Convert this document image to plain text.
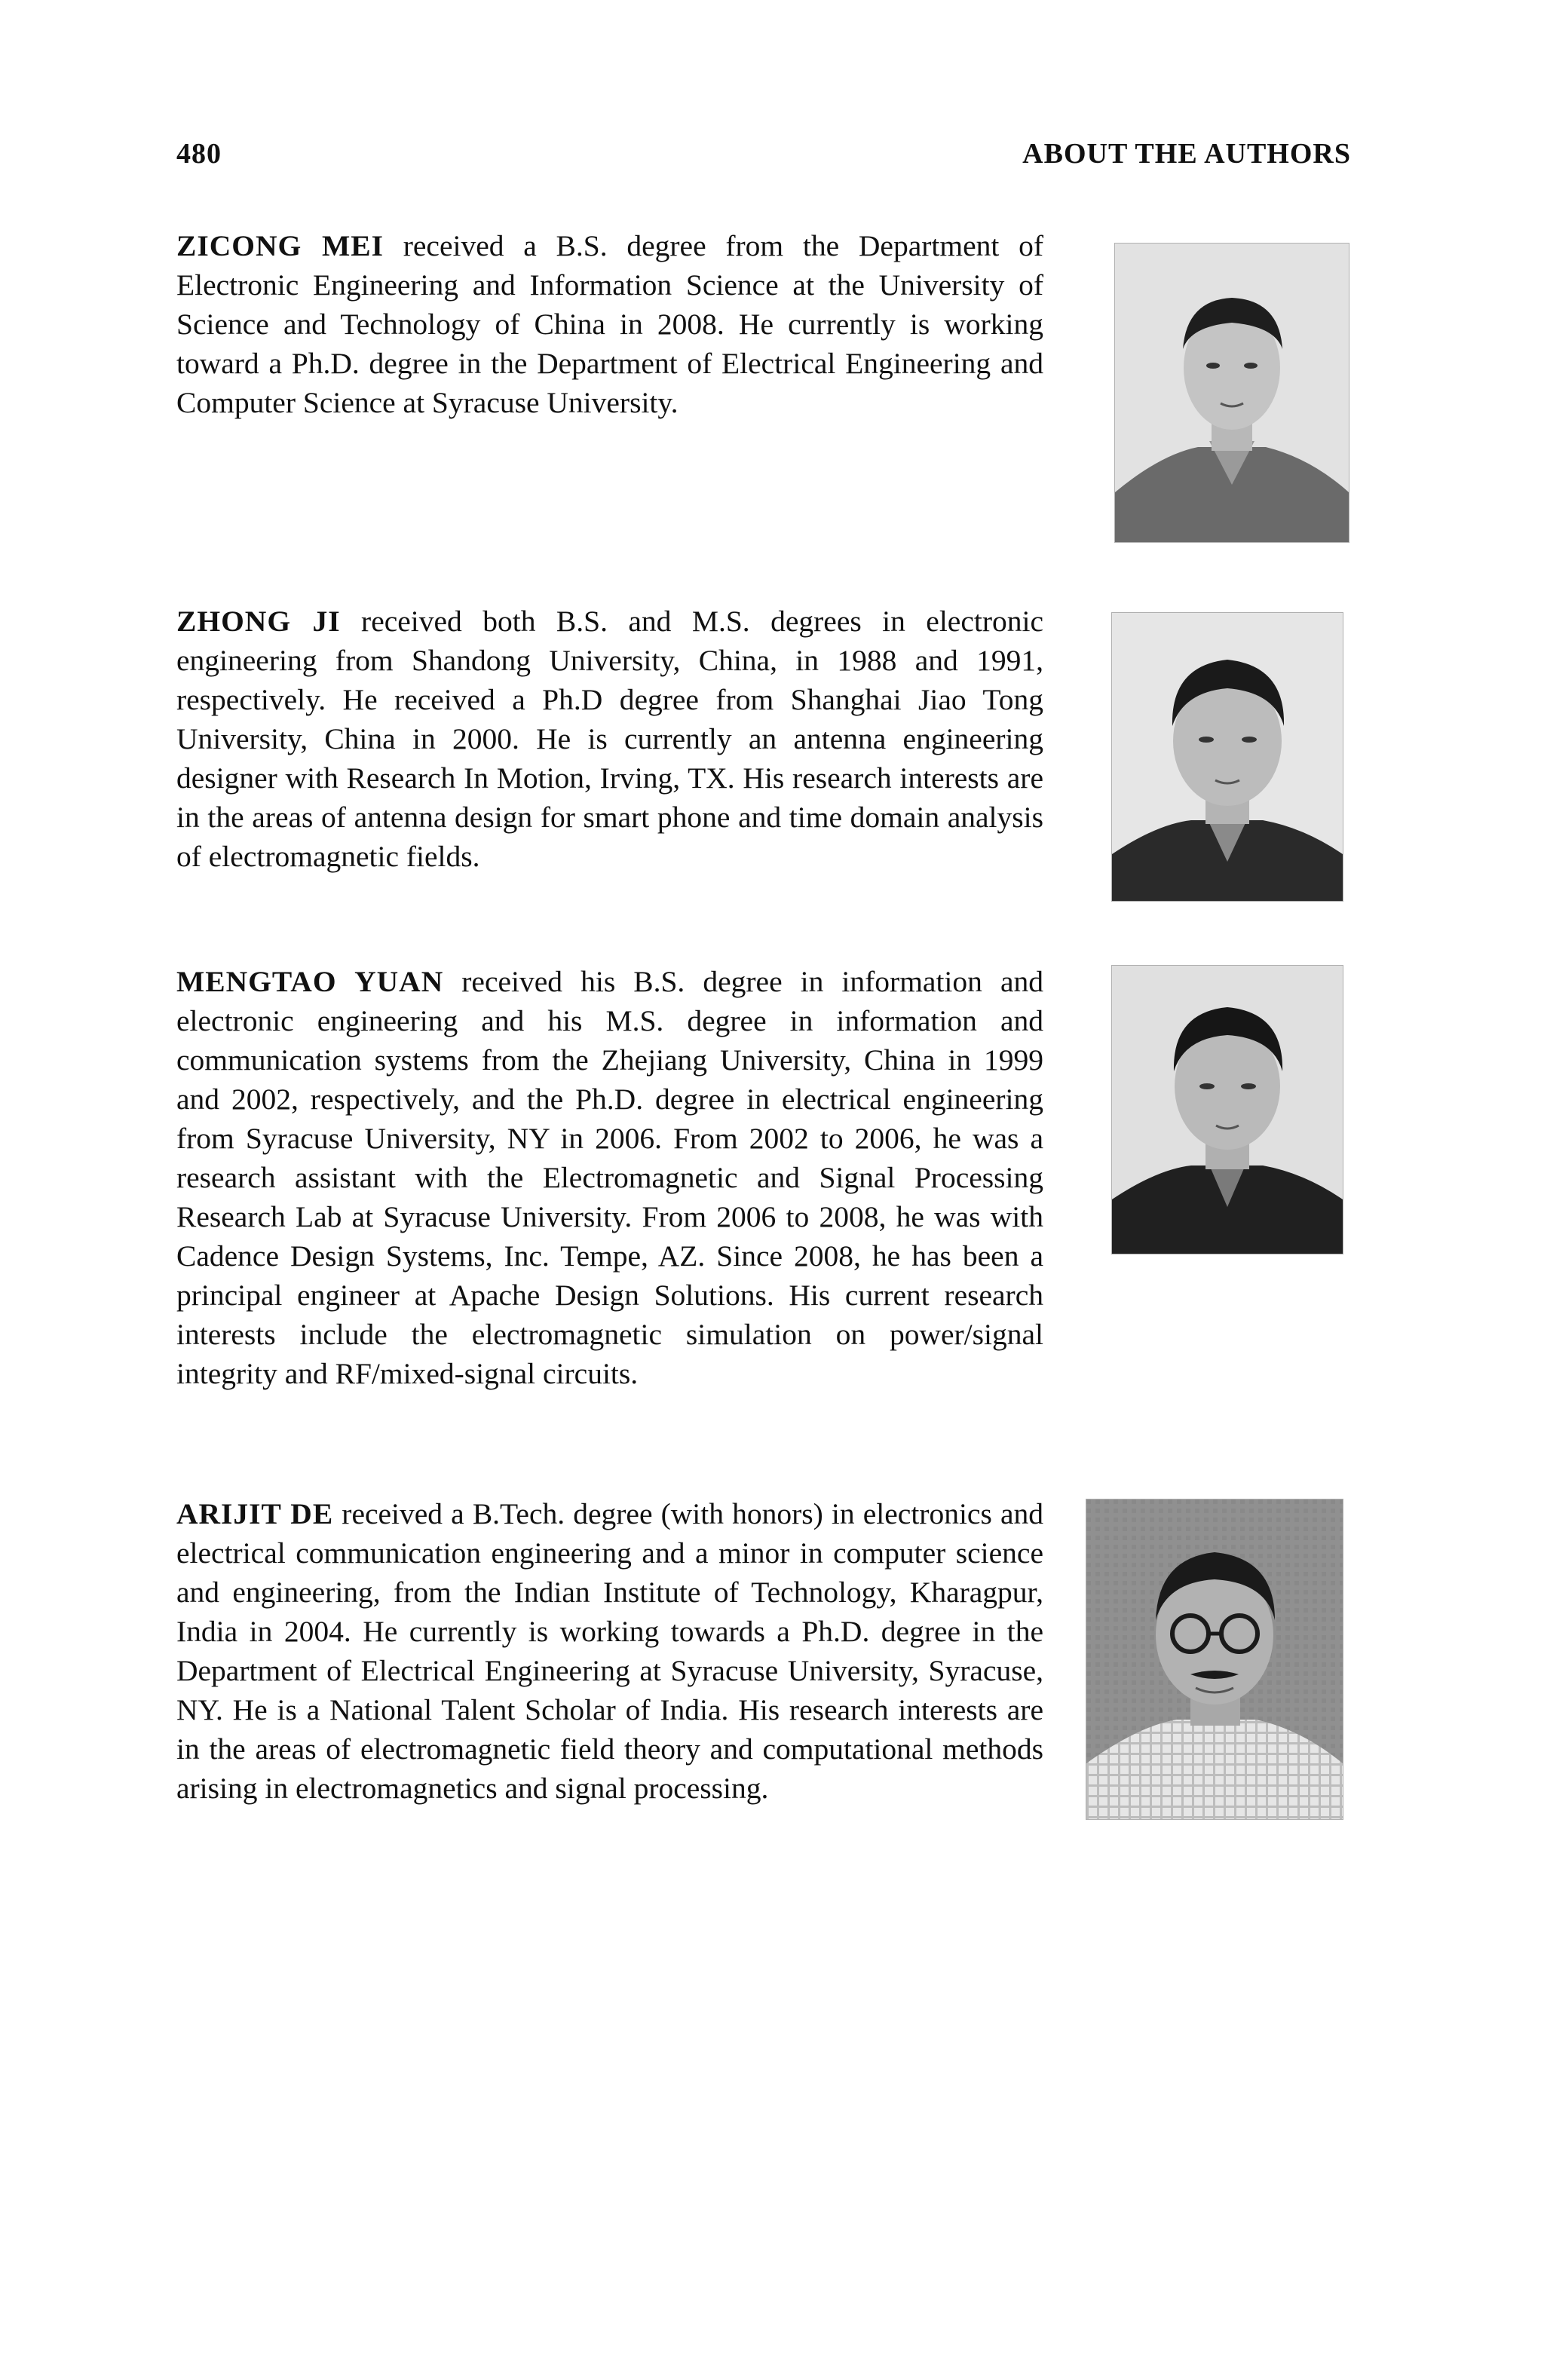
480	ABOUT THE AUTHORS

ZICONG MEI received a B.S. degree from the Department of Electronic Engineering and Information Science at the University of Science and Technology of China in 2008. He currently is working toward a Ph.D. degree in the Department of Electrical Engineering and Computer Science at Syracuse University.

ZHONG JI received both B.S. and M.S. degrees in electronic engineering from Shandong University, China, in 1988 and 1991, respectively. He received a Ph.D degree from Shanghai Jiao Tong University, China in 2000. He is currently an antenna engineering designer with Research In Motion, Irving, TX. His research interests are in the areas of antenna design for smart phone and time domain analysis of electromagnetic fields.

MENGTAO YUAN received his B.S. degree in information and electronic engineering and his M.S. degree in information and communication systems from the Zhejiang University, China in 1999 and 2002, respectively, and the Ph.D. degree in electrical engineering from Syracuse University, NY in 2006. From 2002 to 2006, he was a research assistant with the Electromagnetic and Signal Processing Research Lab at Syracuse University. From 2006 to 2008, he was with Cadence Design Systems, Inc. Tempe, AZ. Since 2008, he has been a principal engineer at Apache Design Solutions. His current research interests include the electromagnetic simulation on power/signal integrity and RF/mixed-signal circuits.

ARIJIT DE received a B.Tech. degree (with honors) in electronics and electrical communication engineering and a minor in computer science and engineering, from the Indian Institute of Technology, Kharagpur, India in 2004. He currently is working towards a Ph.D. degree in the Department of Electrical Engineering at Syracuse University, Syracuse, NY. He is a National Talent Scholar of India. His research interests are in the areas of electromagnetic field theory and computational methods arising in electromagnetics and signal processing.
